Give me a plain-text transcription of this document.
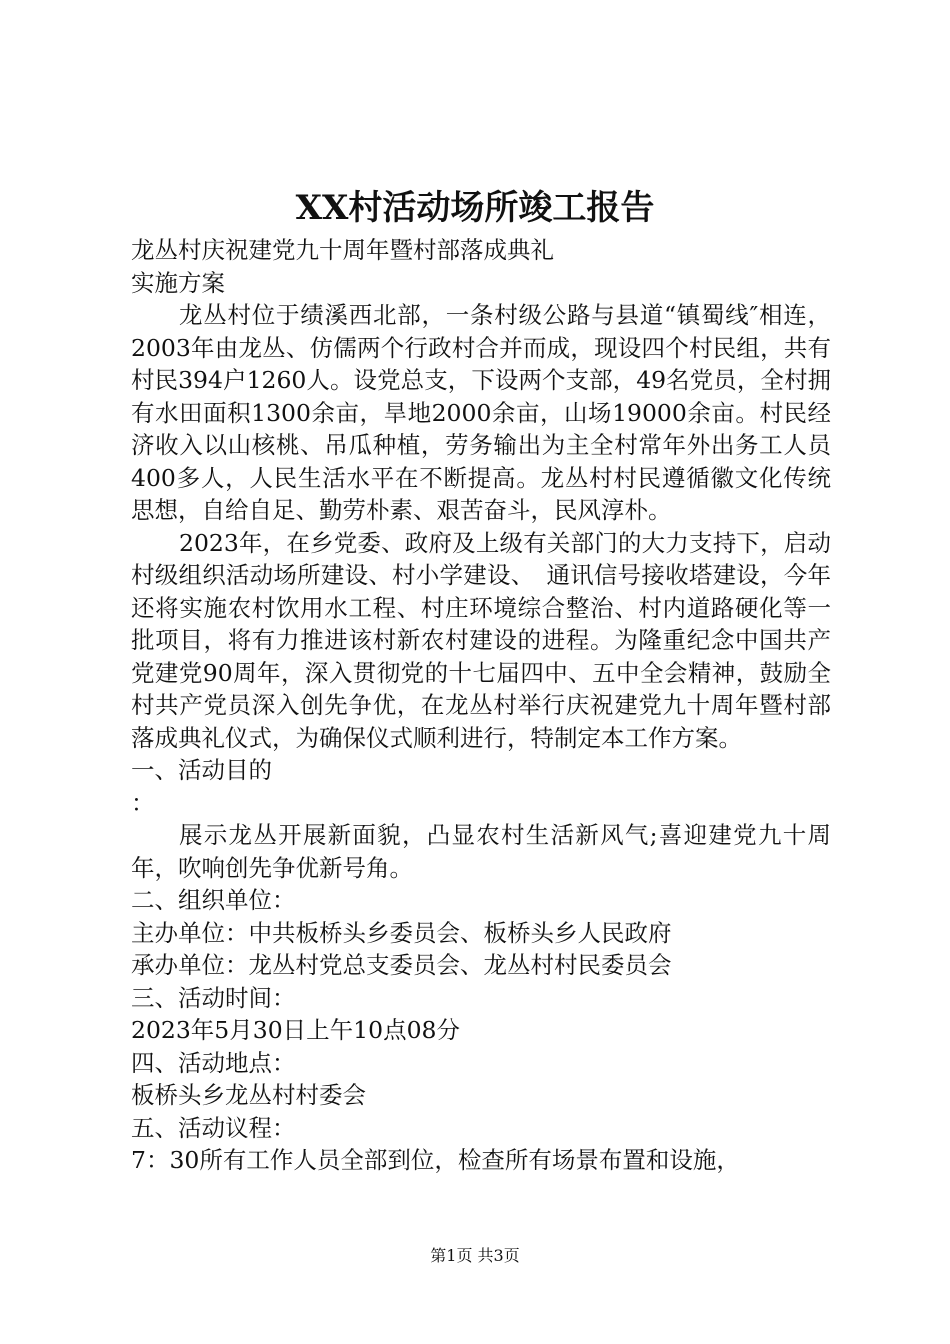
XX村活动场所竣工报告

龙丛村庆祝建党九十周年暨村部落成典礼

实施方案

龙丛村位于绩溪西北部，一条村级公路与县道“镇蜀线″相连，2003年由龙丛、仿儒两个行政村合并而成，现设四个村民组，共有村民394户1260人。设党总支，下设两个支部，49名党员，全村拥有水田面积1300余亩，旱地2000余亩，山场19000余亩。村民经济收入以山核桃、吊瓜种植，劳务输出为主全村常年外出务工人员400多人，人民生活水平在不断提高。龙丛村村民遵循徽文化传统思想，自给自足、勤劳朴素、艰苦奋斗，民风淳朴。

2023年，在乡党委、政府及上级有关部门的大力支持下，启动村级组织活动场所建设、村小学建设、　通讯信号接收塔建设，今年还将实施农村饮用水工程、村庄环境综合整治、村内道路硬化等一批项目，将有力推进该村新农村建设的进程。为隆重纪念中国共产党建党90周年，深入贯彻党的十七届四中、五中全会精神，鼓励全村共产党员深入创先争优，在龙丛村举行庆祝建党九十周年暨村部落成典礼仪式，为确保仪式顺利进行，特制定本工作方案。

一、活动目的

：

展示龙丛开展新面貌，凸显农村生活新风气;喜迎建党九十周年，吹响创先争优新号角。

二、组织单位：

主办单位：中共板桥头乡委员会、板桥头乡人民政府

承办单位：龙丛村党总支委员会、龙丛村村民委员会

三、活动时间：

2023年5月30日上午10点08分

四、活动地点：

板桥头乡龙丛村村委会

五、活动议程：

7：30所有工作人员全部到位，检查所有场景布置和设施，

第1页 共3页
